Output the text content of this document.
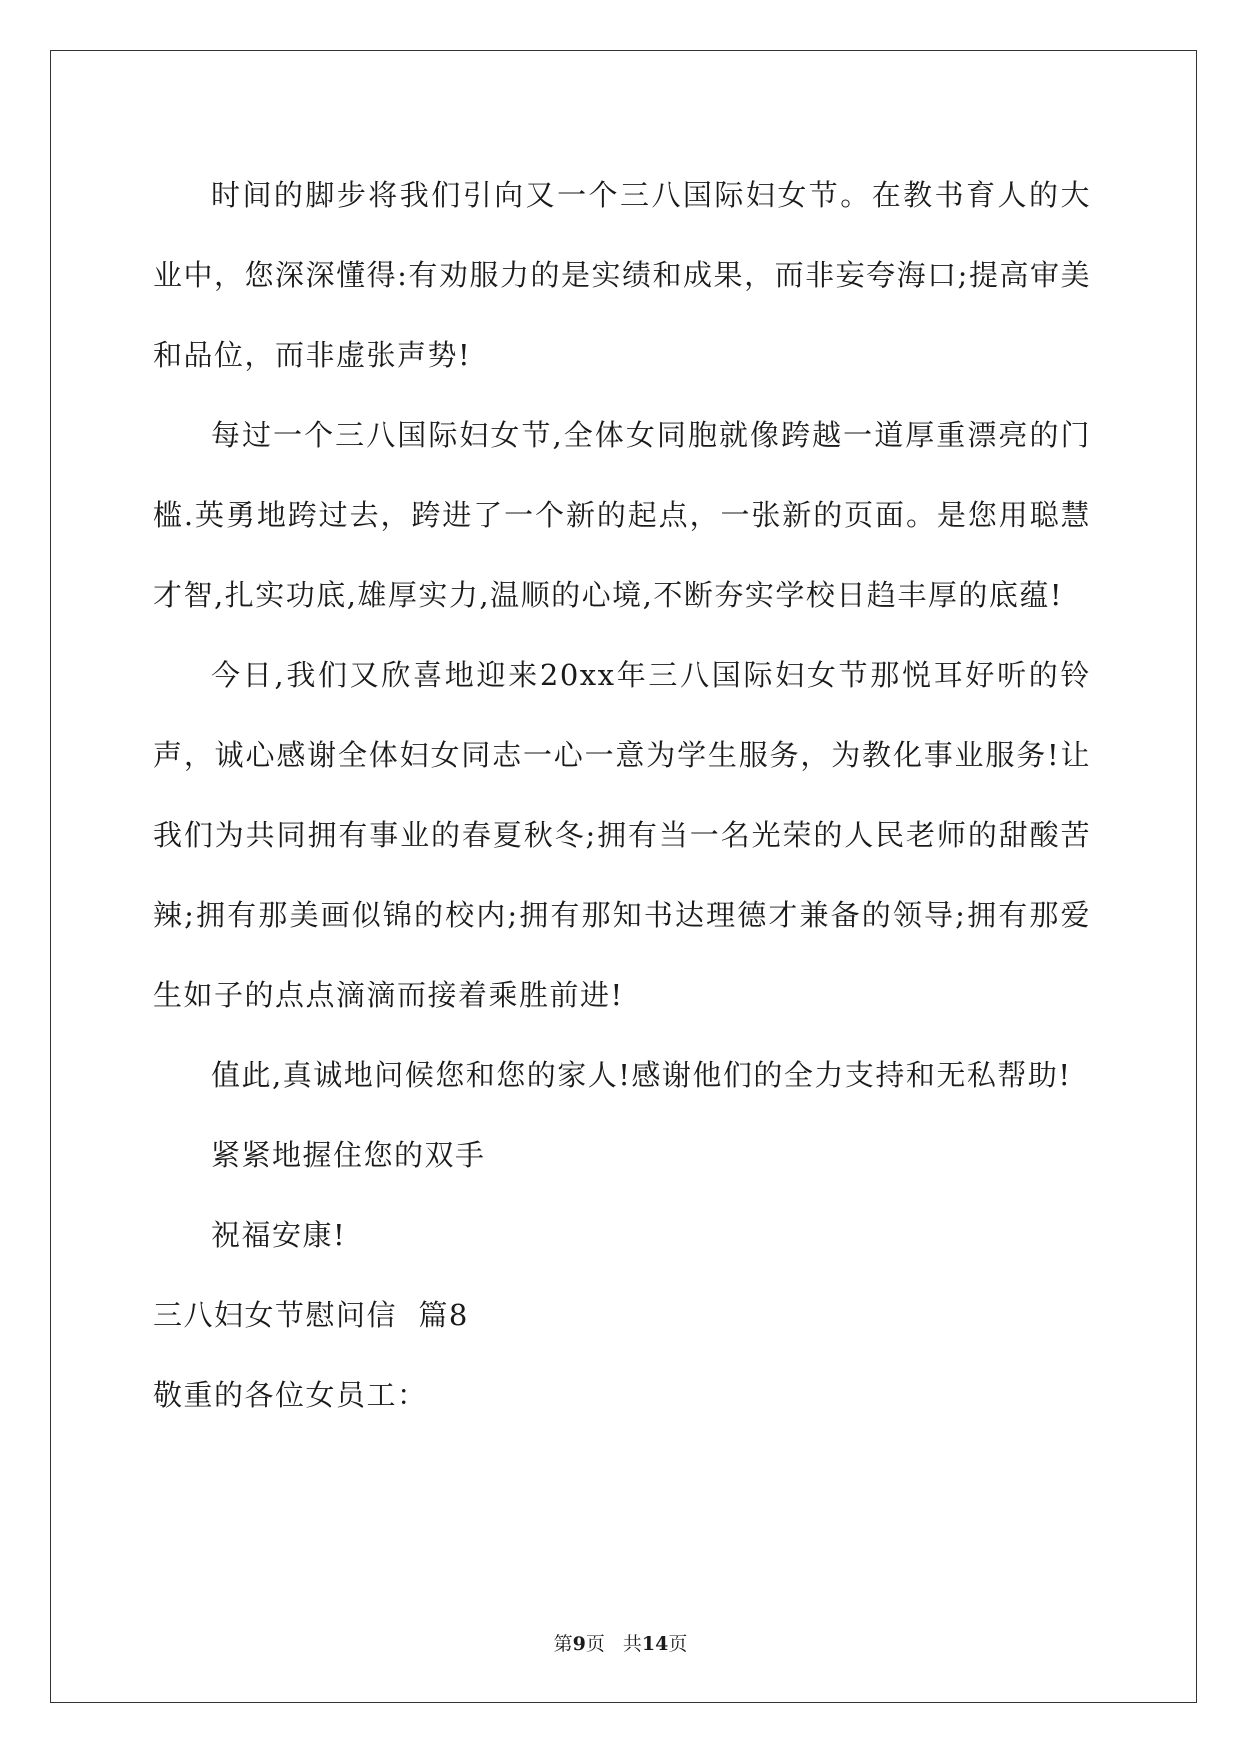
时间的脚步将我们引向又一个三八国际妇女节。在教书育人的大业中，您深深懂得:有劝服力的是实绩和成果，而非妄夸海口;提高审美和品位，而非虚张声势!

每过一个三八国际妇女节,全体女同胞就像跨越一道厚重漂亮的门槛.英勇地跨过去，跨进了一个新的起点，一张新的页面。是您用聪慧才智,扎实功底,雄厚实力,温顺的心境,不断夯实学校日趋丰厚的底蕴!

今日,我们又欣喜地迎来20xx年三八国际妇女节那悦耳好听的铃声，诚心感谢全体妇女同志一心一意为学生服务，为教化事业服务!让我们为共同拥有事业的春夏秋冬;拥有当一名光荣的人民老师的甜酸苦辣;拥有那美画似锦的校内;拥有那知书达理德才兼备的领导;拥有那爱生如子的点点滴滴而接着乘胜前进!

值此,真诚地问候您和您的家人!感谢他们的全力支持和无私帮助!

紧紧地握住您的双手

祝福安康!

三八妇女节慰问信  篇8

敬重的各位女员工：

第9页 共14页
